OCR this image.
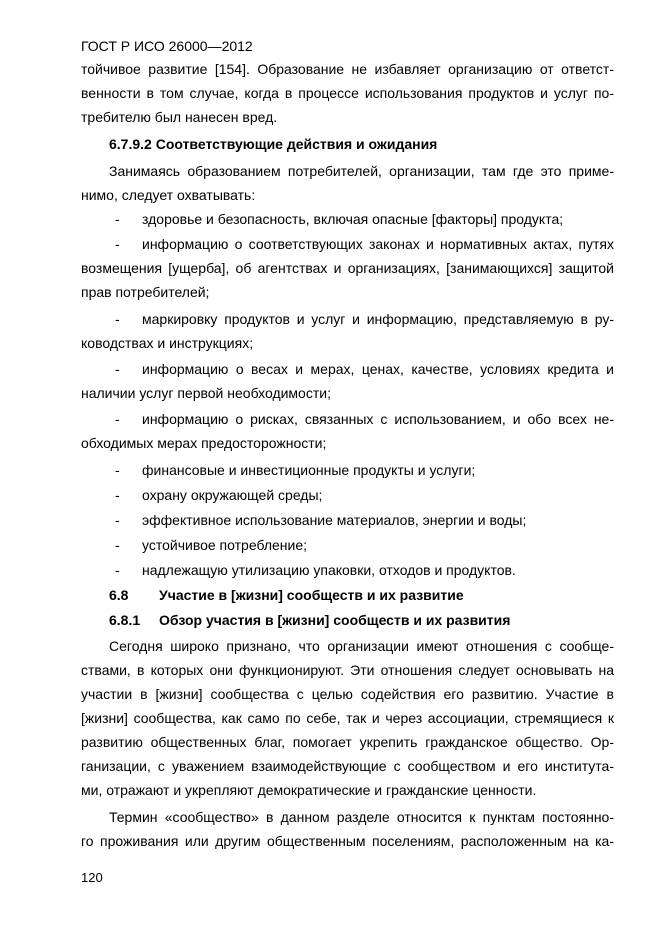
ГОСТ Р ИСО 26000—2012
тойчивое развитие [154]. Образование не избавляет организацию от ответст-
венности в том случае, когда в процессе использования продуктов и услуг по-
требителю был нанесен вред.
6.7.9.2 Соответствующие действия и ожидания
Занимаясь образованием потребителей, организации, там где это приме-
нимо, следует охватывать:
- здоровье и безопасность, включая опасные [факторы] продукта;
- информацию о соответствующих законах и нормативных актах, путях
возмещения [ущерба], об агентствах и организациях, [занимающихся] защитой
прав потребителей;
- маркировку продуктов и услуг и информацию, представляемую в ру-
ководствах и инструкциях;
- информацию о весах и мерах, ценах, качестве, условиях кредита и
наличии услуг первой необходимости;
- информацию о рисках, связанных с использованием, и обо всех не-
обходимых мерах предосторожности;
- финансовые и инвестиционные продукты и услуги;
- охрану окружающей среды;
- эффективное использование материалов, энергии и воды;
- устойчивое потребление;
- надлежащую утилизацию упаковки, отходов и продуктов.
6.8 Участие в [жизни] сообществ и их развитие
6.8.1 Обзор участия в [жизни] сообществ и их развития
Сегодня широко признано, что организации имеют отношения с сообще-
ствами, в которых они функционируют. Эти отношения следует основывать на
участии в [жизни] сообщества с целью содействия его развитию. Участие в
[жизни] сообщества, как само по себе, так и через ассоциации, стремящиеся к
развитию общественных благ, помогает укрепить гражданское общество. Ор-
ганизации, с уважением взаимодействующие с сообществом и его института-
ми, отражают и укрепляют демократические и гражданские ценности.
Термин «сообщество» в данном разделе относится к пунктам постоянно-
го проживания или другим общественным поселениям, расположенным на ка-
120
